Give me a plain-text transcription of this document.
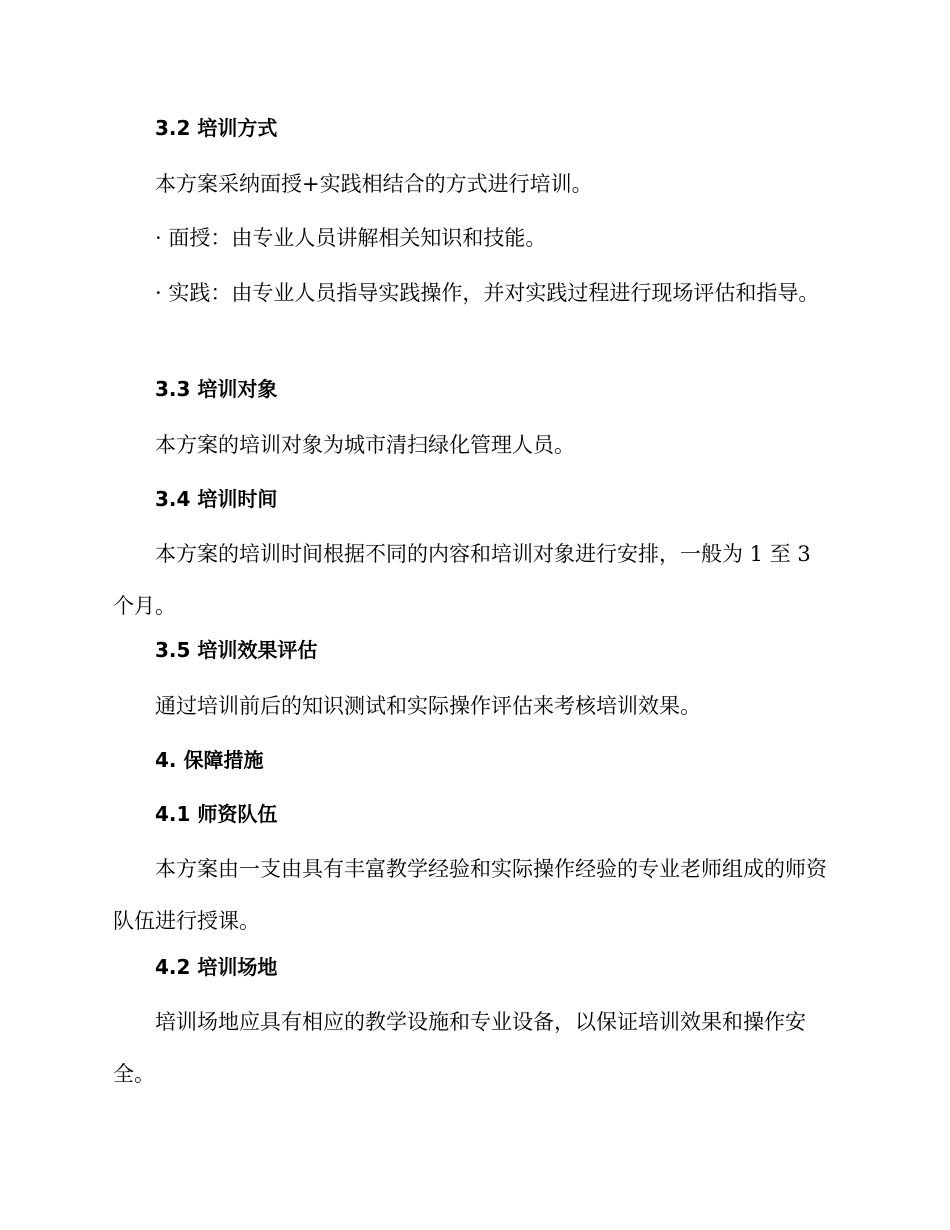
3.2 培训方式
本方案采纳面授+实践相结合的方式进行培训。
· 面授：由专业人员讲解相关知识和技能。
· 实践：由专业人员指导实践操作，并对实践过程进行现场评估和指导。
3.3 培训对象
本方案的培训对象为城市清扫绿化管理人员。
3.4 培训时间
本方案的培训时间根据不同的内容和培训对象进行安排，一般为 1 至 3 个月。
3.5 培训效果评估
通过培训前后的知识测试和实际操作评估来考核培训效果。
4. 保障措施
4.1 师资队伍
本方案由一支由具有丰富教学经验和实际操作经验的专业老师组成的师资队伍进行授课。
4.2 培训场地
培训场地应具有相应的教学设施和专业设备，以保证培训效果和操作安全。
